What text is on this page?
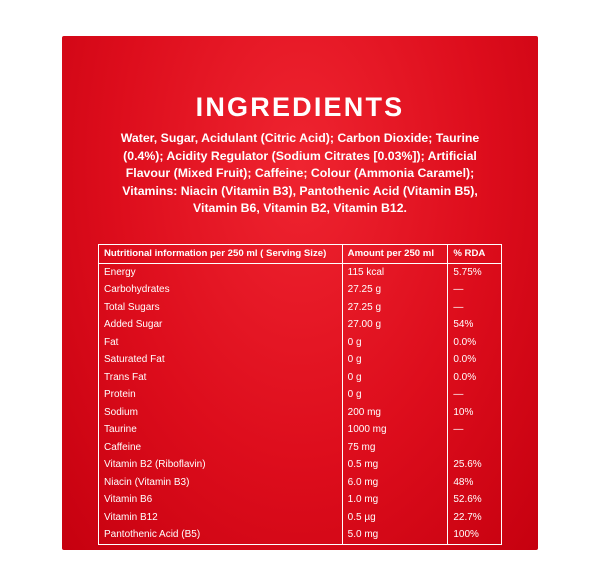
INGREDIENTS
Water, Sugar, Acidulant (Citric Acid); Carbon Dioxide; Taurine (0.4%); Acidity Regulator (Sodium Citrates [0.03%]); Artificial Flavour (Mixed Fruit); Caffeine; Colour (Ammonia Caramel); Vitamins: Niacin (Vitamin B3), Pantothenic Acid (Vitamin B5), Vitamin B6, Vitamin B2, Vitamin B12.
Nutritional information per 250 ml ( Serving Size)	Amount per 250 ml	% RDA
Energy	115 kcal	5.75%
Carbohydrates	27.25 g	—
Total Sugars	27.25 g	—
Added Sugar	27.00 g	54%
Fat	0 g	0.0%
Saturated Fat	0 g	0.0%
Trans Fat	0 g	0.0%
Protein	0 g	—
Sodium	200 mg	10%
Taurine	1000 mg	—
Caffeine	75 mg	
Vitamin B2 (Riboflavin)	0.5 mg	25.6%
Niacin (Vitamin B3)	6.0 mg	48%
Vitamin B6	1.0 mg	52.6%
Vitamin B12	0.5 µg	22.7%
Pantothenic Acid (B5)	5.0 mg	100%
